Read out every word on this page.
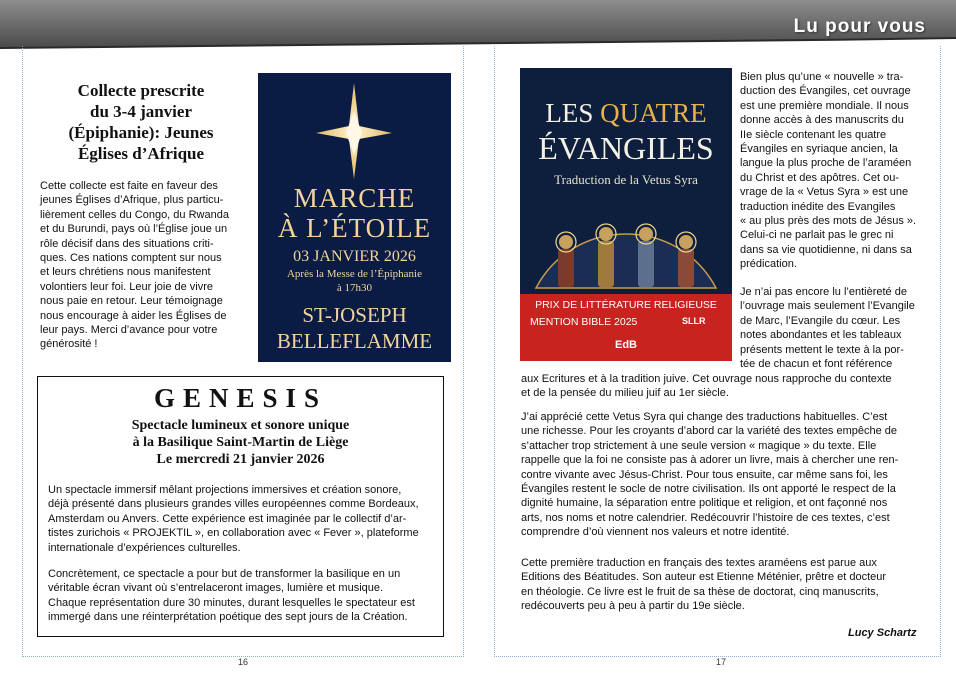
Lu pour vous
16	17
Collecte prescrite
du 3-4 janvier
(Épiphanie): Jeunes
Églises d’Afrique
Cette collecte est faite en faveur des
jeunes Églises d’Afrique, plus particu-
lièrement celles du Congo, du Rwanda
et du Burundi, pays où l’Église joue un
rôle décisif dans des situations criti-
ques. Ces nations comptent sur nous
et leurs chrétiens nous manifestent
volontiers leur foi. Leur joie de vivre
nous paie en retour. Leur témoignage
nous encourage à aider les Églises de
leur pays. Merci d’avance pour votre
générosité !
MARCHE
À L’ÉTOILE
03 JANVIER 2026
Après la Messe de l’Épiphanie
à 17h30
ST-JOSEPH
BELLEFLAMME
GENESIS
Spectacle lumineux et sonore unique
à la Basilique Saint-Martin de Liège
Le mercredi 21 janvier 2026
Un spectacle immersif mêlant projections immersives et création sonore,
déjà présenté dans plusieurs grandes villes européennes comme Bordeaux,
Amsterdam ou Anvers. Cette expérience est imaginée par le collectif d’ar-
tistes zurichois « PROJEKTIL », en collaboration avec « Fever », plateforme
internationale d’expériences culturelles.
Concrètement, ce spectacle a pour but de transformer la basilique en un
véritable écran vivant où s’entrelaceront images, lumière et musique.
Chaque représentation dure 30 minutes, durant lesquelles le spectateur est
immergé dans une réinterprétation poétique des sept jours de la Création.
LES QUATRE
ÉVANGILES
Traduction de la Vetus Syra
PRIX DE LITTÉRATURE RELIGIEUSE
MENTION BIBLE 2025	SLLR
EdB
Bien plus qu’une « nouvelle » tra-
duction des Évangiles, cet ouvrage
est une première mondiale. Il nous
donne accès à des manuscrits du
IIe siècle contenant les quatre
Évangiles en syriaque ancien, la
langue la plus proche de l’araméen
du Christ et des apôtres. Cet ou-
vrage de la « Vetus Syra » est une
traduction inédite des Evangiles
« au plus près des mots de Jésus ».
Celui-ci ne parlait pas le grec ni
dans sa vie quotidienne, ni dans sa
prédication.
Je n’ai pas encore lu l’entièreté de
l’ouvrage mais seulement l’Evangile
de Marc, l’Evangile du cœur. Les
notes abondantes et les tableaux
présents mettent le texte à la por-
tée de chacun et font référence
aux Ecritures et à la tradition juive. Cet ouvrage nous rapproche du contexte
et de la pensée du milieu juif au 1er siècle.
J’ai apprécié cette Vetus Syra qui change des traductions habituelles. C’est
une richesse. Pour les croyants d’abord car la variété des textes empêche de
s’attacher trop strictement à une seule version « magique » du texte. Elle
rappelle que la foi ne consiste pas à adorer un livre, mais à chercher une ren-
contre vivante avec Jésus-Christ. Pour tous ensuite, car même sans foi, les
Évangiles restent le socle de notre civilisation. Ils ont apporté le respect de la
dignité humaine, la séparation entre politique et religion, et ont façonné nos
arts, nos noms et notre calendrier. Redécouvrir l’histoire de ces textes, c’est
comprendre d’où viennent nos valeurs et notre identité.
Cette première traduction en français des textes araméens est parue aux
Editions des Béatitudes. Son auteur est Etienne Méténier, prêtre et docteur
en théologie. Ce livre est le fruit de sa thèse de doctorat, cinq manuscrits,
redécouverts peu à peu à partir du 19e siècle.
Lucy Schartz
